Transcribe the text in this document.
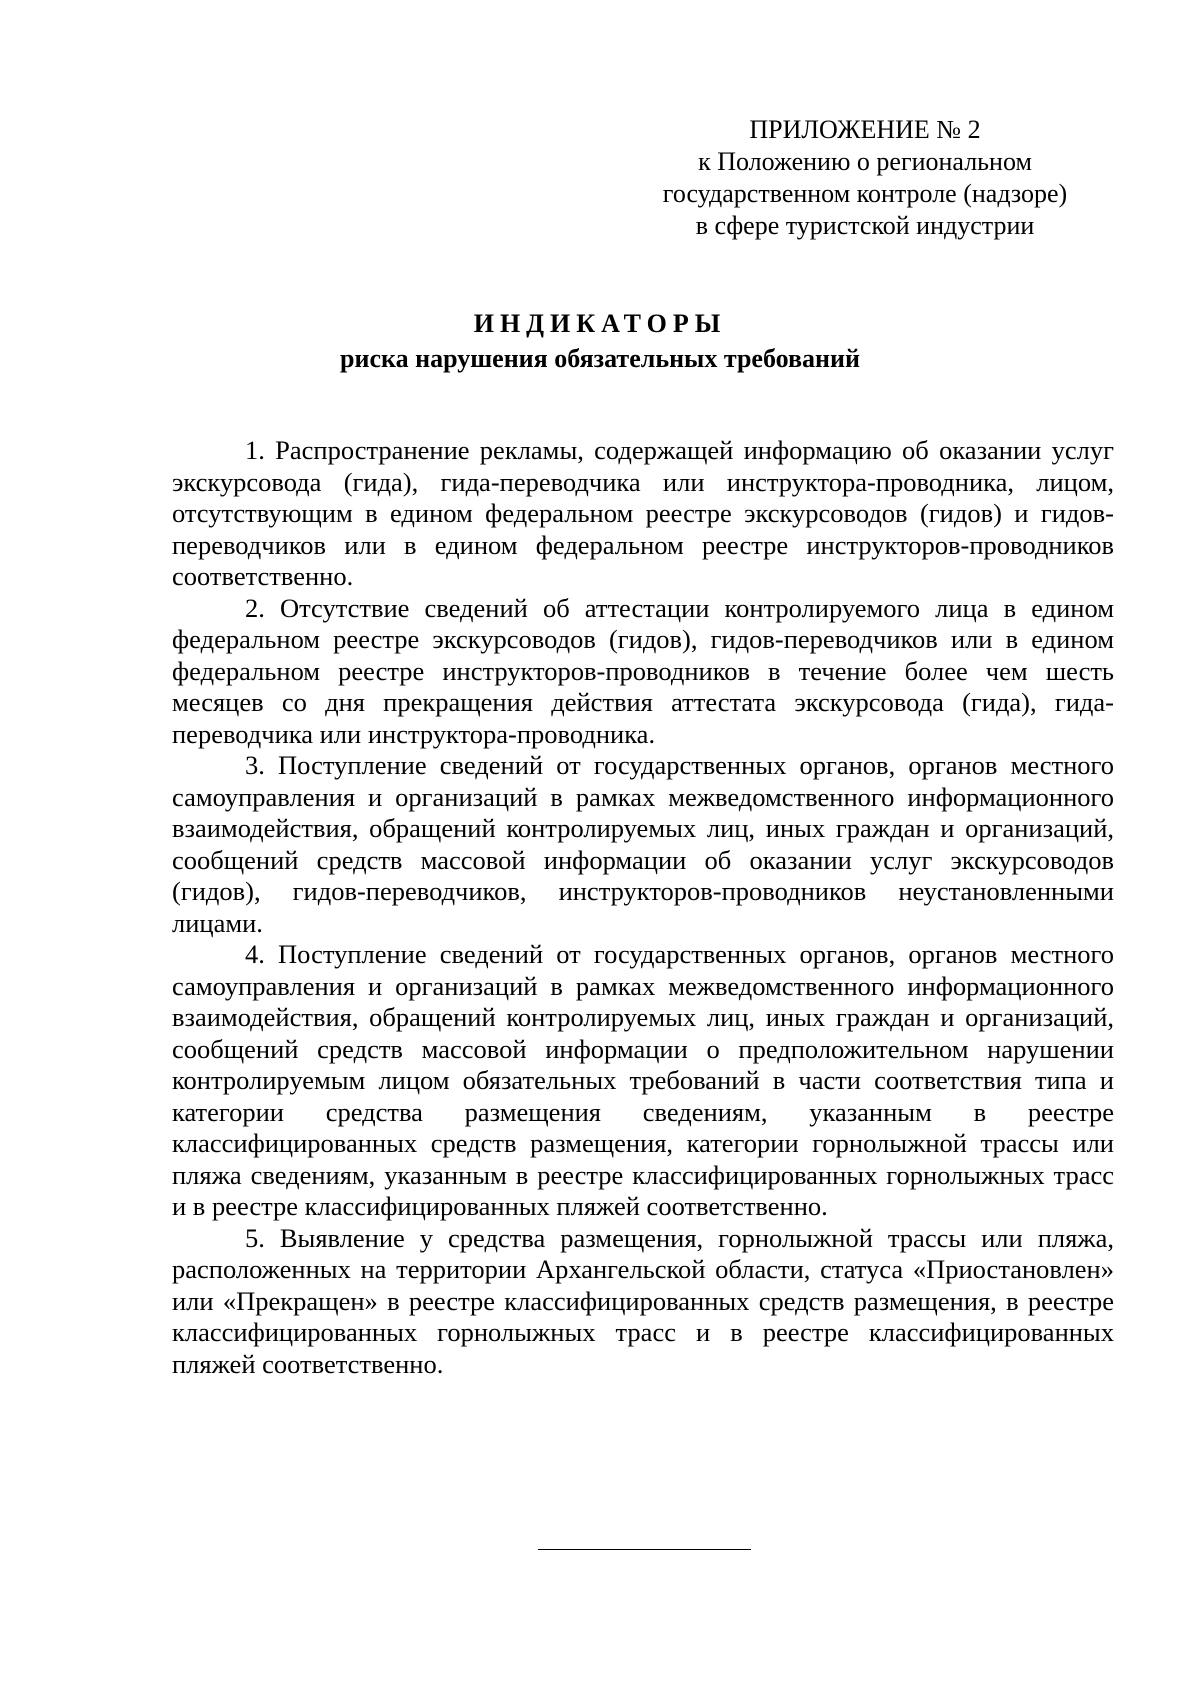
ПРИЛОЖЕНИЕ № 2
к Положению о региональном
государственном контроле (надзоре)
в сфере туристской индустрии
ИНДИКАТОРЫ
риска нарушения обязательных требований

1. Распространение рекламы, содержащей информацию об оказании услуг экскурсовода (гида), гида-переводчика или инструктора-проводника, лицом, отсутствующим в едином федеральном реестре экскурсоводов (гидов) и гидов-переводчиков или в едином федеральном реестре инструкторов-проводников соответственно.

2. Отсутствие сведений об аттестации контролируемого лица в едином федеральном реестре экскурсоводов (гидов), гидов-переводчиков или в едином федеральном реестре инструкторов-проводников в течение более чем шесть месяцев со дня прекращения действия аттестата экскурсовода (гида), гида-переводчика или инструктора-проводника.

3. Поступление сведений от государственных органов, органов местного самоуправления и организаций в рамках межведомственного информационного взаимодействия, обращений контролируемых лиц, иных граждан и организаций, сообщений средств массовой информации об оказании услуг экскурсоводов (гидов), гидов-переводчиков, инструкторов-проводников неустановленными лицами.

4. Поступление сведений от государственных органов, органов местного самоуправления и организаций в рамках межведомственного информационного взаимодействия, обращений контролируемых лиц, иных граждан и организаций, сообщений средств массовой информации о предположительном нарушении контролируемым лицом обязательных требований в части соответствия типа и категории средства размещения сведениям, указанным в реестре классифицированных средств размещения, категории горнолыжной трассы или пляжа сведениям, указанным в реестре классифицированных горнолыжных трасс и в реестре классифицированных пляжей соответственно.

5. Выявление у средства размещения, горнолыжной трассы или пляжа, расположенных на территории Архангельской области, статуса «Приостановлен» или «Прекращен» в реестре классифицированных средств размещения, в реестре классифицированных горнолыжных трасс и в реестре классифицированных пляжей соответственно.
